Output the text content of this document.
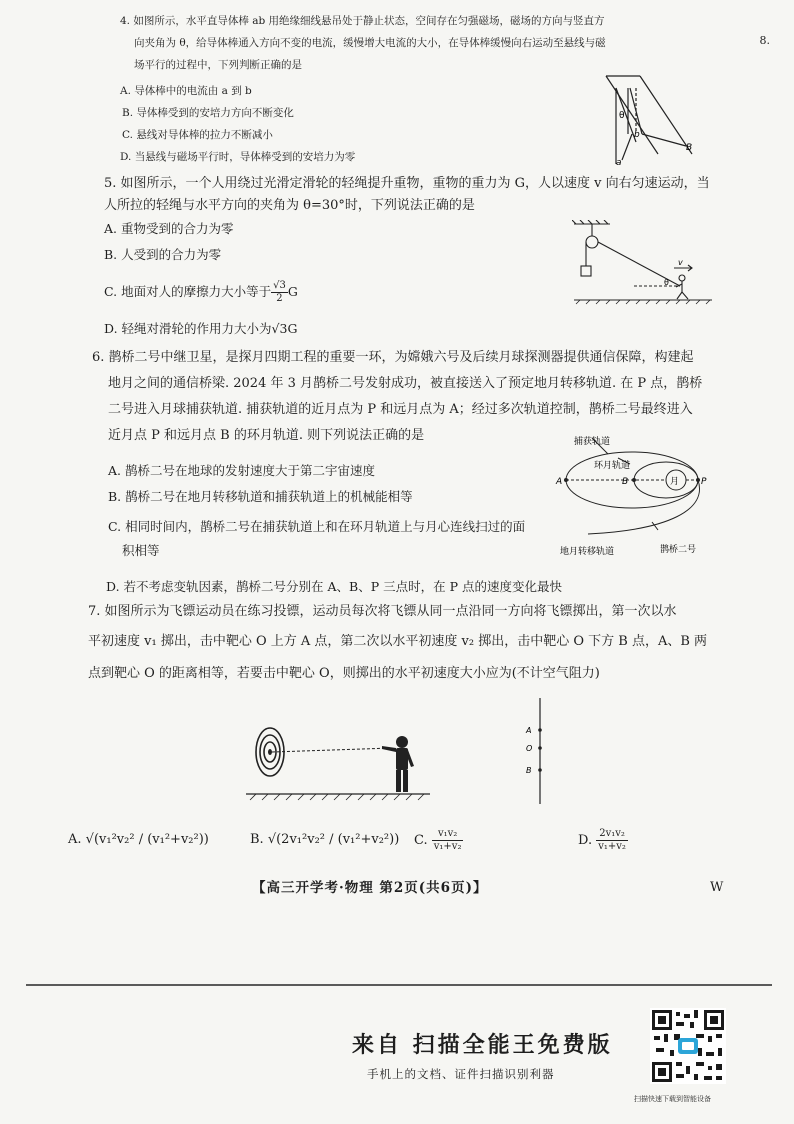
8.
4. 如图所示，水平直导体棒 ab 用绝缘细线悬吊处于静止状态，空间存在匀强磁场，磁场的方向与竖直方
向夹角为 θ，给导体棒通入方向不变的电流，缓慢增大电流的大小，在导体棒缓慢向右运动至悬线与磁
场平行的过程中，下列判断正确的是
A. 导体棒中的电流由 a 到 b
B. 导体棒受到的安培力方向不断变化
C. 悬线对导体棒的拉力不断减小
D. 当悬线与磁场平行时，导体棒受到的安培力为零
θ
a
b
B
5. 如图所示，一个人用绕过光滑定滑轮的轻绳提升重物，重物的重力为 G，人以速度 v 向右匀速运动，当
人所拉的轻绳与水平方向的夹角为 θ=30°时，下列说法正确的是
A. 重物受到的合力为零
B. 人受到的合力为零
C. 地面对人的摩擦力大小等于 $\frac{√3}{2}$ G
D. 轻绳对滑轮的作用力大小为√3G
v
θ
6. 鹊桥二号中继卫星，是探月四期工程的重要一环，为嫦娥六号及后续月球探测器提供通信保障，构建起
地月之间的通信桥梁. 2024 年 3 月鹊桥二号发射成功，被直接送入了预定地月转移轨道. 在 P 点，鹊桥
二号进入月球捕获轨道. 捕获轨道的近月点为 P 和远月点为 A；经过多次轨道控制，鹊桥二号最终进入
近月点 P 和远月点 B 的环月轨道. 则下列说法正确的是
A. 鹊桥二号在地球的发射速度大于第二宇宙速度
B. 鹊桥二号在地月转移轨道和捕获轨道上的机械能相等
C. 相同时间内，鹊桥二号在捕获轨道上和在环月轨道上与月心连线扫过的面
积相等
D. 若不考虑变轨因素，鹊桥二号分别在 A、B、P 三点时，在 P 点的速度变化最快
捕获轨道
环月轨道
月
A	B	P
地月转移轨道	鹊桥二号
7. 如图所示为飞镖运动员在练习投镖，运动员每次将飞镖从同一点沿同一方向将飞镖掷出，第一次以水
平初速度 v₁ 掷出，击中靶心 O 上方 A 点，第二次以水平初速度 v₂ 掷出，击中靶心 O 下方 B 点，A、B 两
点到靶心 O 的距离相等，若要击中靶心 O，则掷出的水平初速度大小应为(不计空气阻力)
A
O
B
A. √(v₁²v₂² / (v₁²+v₂²))	B. √(2v₁²v₂² / (v₁²+v₂²)) C. $\frac{\text{v₁v₂}}{\text{v₁+v₂}}$	D. $\frac{\text{2v₁v₂}}{\text{v₁+v₂}}$
【高三开学考·物理 第2页(共6页)】	W
来自 扫描全能王免费版
手机上的文档、证件扫描识别利器
扫描快速下载到智能设备
